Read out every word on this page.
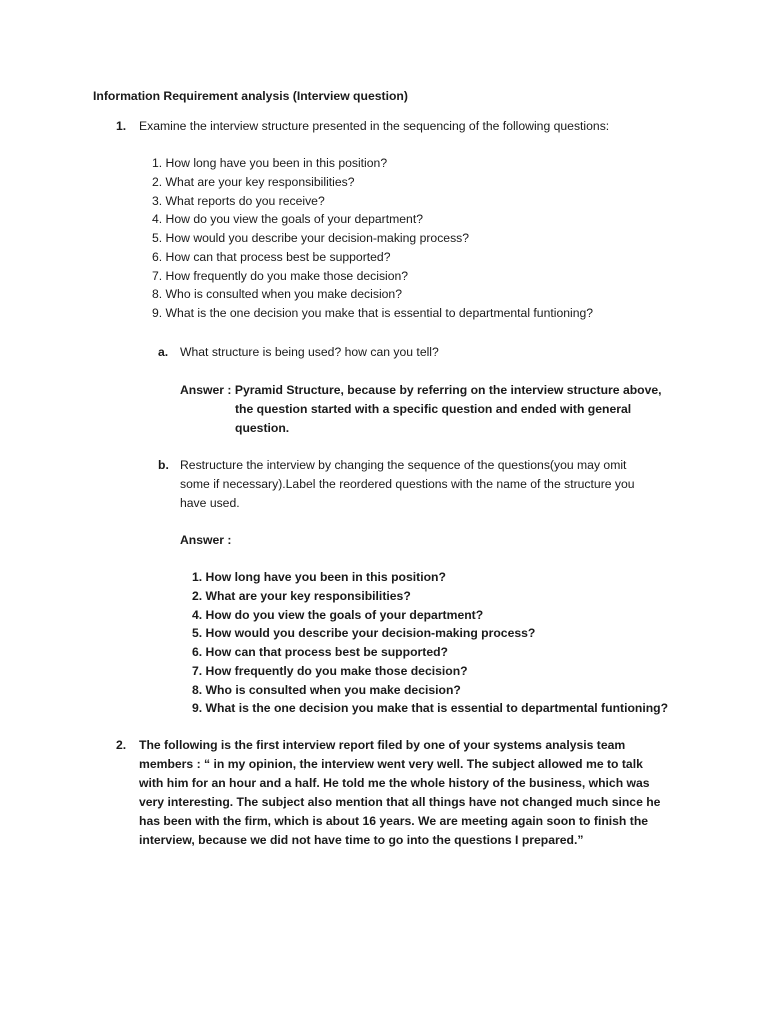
Information Requirement analysis (Interview question)
1. Examine the interview structure presented in the sequencing of the following questions:
1. How long have you been in this position?
2. What are your key responsibilities?
3. What reports do you receive?
4. How do you view the goals of your department?
5. How would you describe your decision-making process?
6. How can that process best be supported?
7. How frequently do you make those decision?
8. Who is consulted when you make decision?
9. What is the one decision you make that is essential to departmental funtioning?
a. What structure is being used? how can you tell?
Answer : Pyramid Structure, because by referring on the interview structure above,
the question started with a specific question and ended with general
question.
b. Restructure the interview by changing the sequence of the questions(you may omit
some if necessary).Label the reordered questions with the name of the structure you
have used.
Answer :
1. How long have you been in this position?
2. What are your key responsibilities?
4. How do you view the goals of your department?
5. How would you describe your decision-making process?
6. How can that process best be supported?
7. How frequently do you make those decision?
8. Who is consulted when you make decision?
9. What is the one decision you make that is essential to departmental funtioning?
2. The following is the first interview report filed by one of your systems analysis team
members : “ in my opinion, the interview went very well. The subject allowed me to talk
with him for an hour and a half. He told me the whole history of the business, which was
very interesting. The subject also mention that all things have not changed much since he
has been with the firm, which is about 16 years. We are meeting again soon to finish the
interview, because we did not have time to go into the questions I prepared.”
